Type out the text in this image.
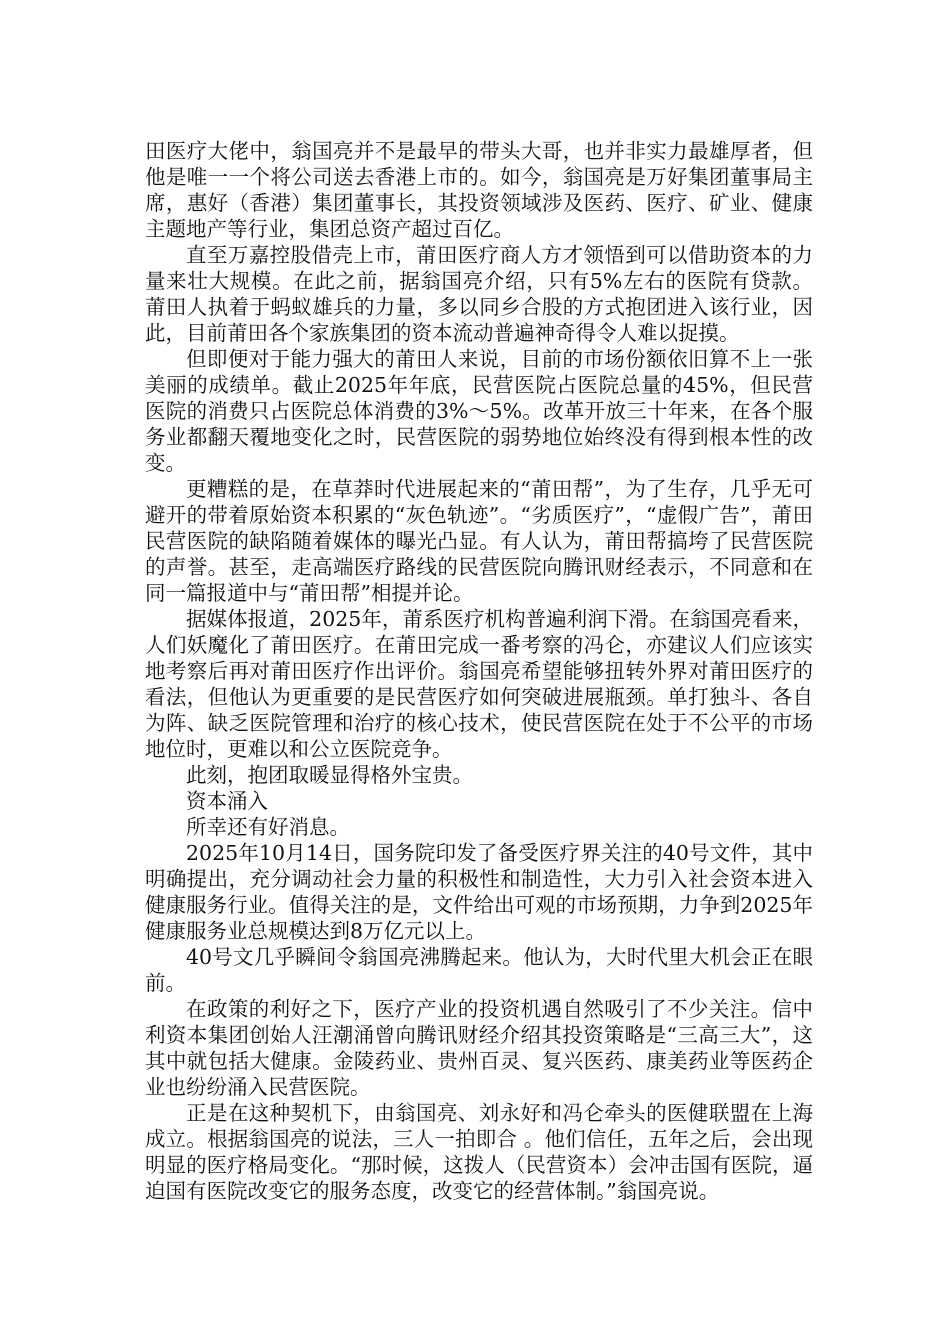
田医疗大佬中，翁国亮并不是最早的带头大哥，也并非实力最雄厚者，但他是唯一一个将公司送去香港上市的。如今，翁国亮是万好集团董事局主席，惠好（香港）集团董事长，其投资领域涉及医药、医疗、矿业、健康主题地产等行业，集团总资产超过百亿。

直至万嘉控股借壳上市，莆田医疗商人方才领悟到可以借助资本的力量来壮大规模。在此之前，据翁国亮介绍，只有5%左右的医院有贷款。莆田人执着于蚂蚁雄兵的力量，多以同乡合股的方式抱团进入该行业，因此，目前莆田各个家族集团的资本流动普遍神奇得令人难以捉摸。

但即便对于能力强大的莆田人来说，目前的市场份额依旧算不上一张美丽的成绩单。截止2025年年底，民营医院占医院总量的45%，但民营医院的消费只占医院总体消费的3%～5%。改革开放三十年来，在各个服务业都翻天覆地变化之时，民营医院的弱势地位始终没有得到根本性的改变。

更糟糕的是，在草莽时代进展起来的“莆田帮”，为了生存，几乎无可避开的带着原始资本积累的“灰色轨迹”。“劣质医疗”，“虚假广告”，莆田民营医院的缺陷随着媒体的曝光凸显。有人认为，莆田帮搞垮了民营医院的声誉。甚至，走高端医疗路线的民营医院向腾讯财经表示，不同意和在同一篇报道中与“莆田帮”相提并论。

据媒体报道，2025年，莆系医疗机构普遍利润下滑。在翁国亮看来，人们妖魔化了莆田医疗。在莆田完成一番考察的冯仑，亦建议人们应该实地考察后再对莆田医疗作出评价。翁国亮希望能够扭转外界对莆田医疗的看法，但他认为更重要的是民营医疗如何突破进展瓶颈。单打独斗、各自为阵、缺乏医院管理和治疗的核心技术，使民营医院在处于不公平的市场地位时，更难以和公立医院竞争。

此刻，抱团取暖显得格外宝贵。

资本涌入

所幸还有好消息。

2025年10月14日，国务院印发了备受医疗界关注的40号文件，其中明确提出，充分调动社会力量的积极性和制造性，大力引入社会资本进入健康服务行业。值得关注的是，文件给出可观的市场预期，力争到2025年健康服务业总规模达到8万亿元以上。

40号文几乎瞬间令翁国亮沸腾起来。他认为，大时代里大机会正在眼前。

在政策的利好之下，医疗产业的投资机遇自然吸引了不少关注。信中利资本集团创始人汪潮涌曾向腾讯财经介绍其投资策略是“三高三大”，这其中就包括大健康。金陵药业、贵州百灵、复兴医药、康美药业等医药企业也纷纷涌入民营医院。

正是在这种契机下，由翁国亮、刘永好和冯仑牵头的医健联盟在上海成立。根据翁国亮的说法，三人一拍即合 。他们信任，五年之后，会出现明显的医疗格局变化。“那时候，这拨人（民营资本）会冲击国有医院，逼迫国有医院改变它的服务态度，改变它的经营体制。”翁国亮说。
